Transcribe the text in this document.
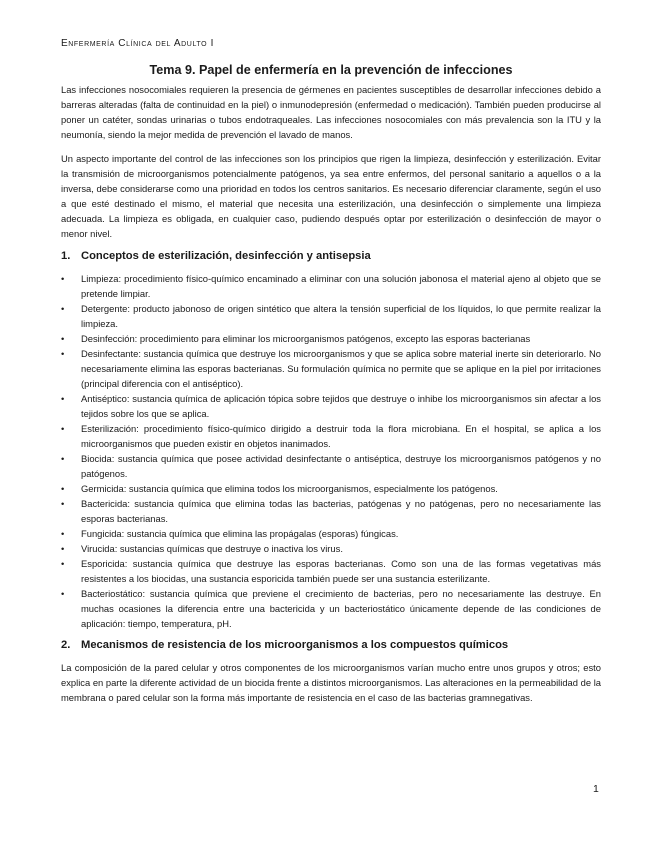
Enfermería Clínica del Adulto I
Tema 9. Papel de enfermería en la prevención de infecciones

Las infecciones nosocomiales requieren la presencia de gérmenes en pacientes susceptibles de desarrollar infecciones debido a barreras alteradas (falta de continuidad en la piel) o inmunodepresión (enfermedad o medicación). También pueden producirse al poner un catéter, sondas urinarias o tubos endotraqueales. Las infecciones nosocomiales con más prevalencia son la ITU y la neumonía, siendo la mejor medida de prevención el lavado de manos.

Un aspecto importante del control de las infecciones son los principios que rigen la limpieza, desinfección y esterilización. Evitar la transmisión de microorganismos potencialmente patógenos, ya sea entre enfermos, del personal sanitario a aquellos o a la inversa, debe considerarse como una prioridad en todos los centros sanitarios. Es necesario diferenciar claramente, según el uso a que esté destinado el mismo, el material que necesita una esterilización, una desinfección o simplemente una limpieza adecuada. La limpieza es obligada, en cualquier caso, pudiendo después optar por esterilización o desinfección de mayor o menor nivel.

1. Conceptos de esterilización, desinfección y antisepsia
• Limpieza: procedimiento físico-químico encaminado a eliminar con una solución jabonosa el material ajeno al objeto que se pretende limpiar.
• Detergente: producto jabonoso de origen sintético que altera la tensión superficial de los líquidos, lo que permite realizar la limpieza.
• Desinfección: procedimiento para eliminar los microorganismos patógenos, excepto las esporas bacterianas
• Desinfectante: sustancia química que destruye los microorganismos y que se aplica sobre material inerte sin deteriorarlo. No necesariamente elimina las esporas bacterianas. Su formulación química no permite que se aplique en la piel por irritaciones (principal diferencia con el antiséptico).
• Antiséptico: sustancia química de aplicación tópica sobre tejidos que destruye o inhibe los microorganismos sin afectar a los tejidos sobre los que se aplica.
• Esterilización: procedimiento físico-químico dirigido a destruir toda la flora microbiana. En el hospital, se aplica a los microorganismos que pueden existir en objetos inanimados.
• Biocida: sustancia química que posee actividad desinfectante o antiséptica, destruye los microorganismos patógenos y no patógenos.
• Germicida: sustancia química que elimina todos los microorganismos, especialmente los patógenos.
• Bactericida: sustancia química que elimina todas las bacterias, patógenas y no patógenas, pero no necesariamente las esporas bacterianas.
• Fungicida: sustancia química que elimina las propágalas (esporas) fúngicas.
• Virucida: sustancias químicas que destruye o inactiva los virus.
• Esporicida: sustancia química que destruye las esporas bacterianas. Como son una de las formas vegetativas más resistentes a los biocidas, una sustancia esporicida también puede ser una sustancia esterilizante.
• Bacteriostático: sustancia química que previene el crecimiento de bacterias, pero no necesariamente las destruye. En muchas ocasiones la diferencia entre una bactericida y un bacteriostático únicamente depende de las condiciones de aplicación: tiempo, temperatura, pH.
2. Mecanismos de resistencia de los microorganismos a los compuestos químicos

La composición de la pared celular y otros componentes de los microorganismos varían mucho entre unos grupos y otros; esto explica en parte la diferente actividad de un biocida frente a distintos microorganismos. Las alteraciones en la permeabilidad de la membrana o pared celular son la forma más importante de resistencia en el caso de las bacterias gramnegativas.

1
